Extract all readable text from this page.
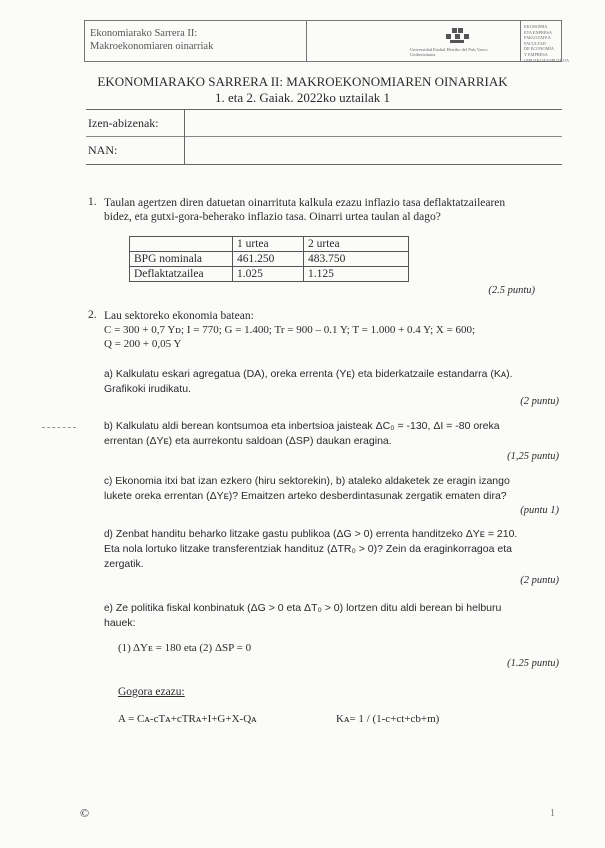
Ekonomiarako Sarrera II:
Makroekonomiaren oinarriak	Universidad Euskal Herriko del País Vasco Unibertsitatea
EKONOMIA
ETA ENPRESA
FAKULTATEA
FACULTAD
DE ECONOMÍA
Y EMPRESA
GIPUZKOA/GIPUZKOA
EKONOMIARAKO SARRERA II: MAKROEKONOMIAREN OINARRIAK
1. eta 2. Gaiak. 2022ko uztailak 1
Izen-abizenak:
NAN:
1. Taulan agertzen diren datuetan oinarrituta kalkula ezazu inflazio tasa deflaktatzailearen
bidez, eta gutxi-gora-beherako inflazio tasa. Oinarri urtea taulan al dago?
	1 urtea	2 urtea
BPG nominala	461.250	483.750
Deflaktatzailea	1.025	1.125
(2.5 puntu)
2. Lau sektoreko ekonomia batean:
C = 300 + 0,7 Yᴅ; I = 770; G = 1.400; Tr = 900 – 0.1 Y; T = 1.000 + 0.4 Y; X = 600;
Q = 200 + 0,05 Y
a) Kalkulatu eskari agregatua (DA), oreka errenta (Yᴇ) eta biderkatzaile estandarra (Kᴀ).
Grafikoki irudikatu.
(2 puntu)
b) Kalkulatu aldi berean kontsumoa eta inbertsioa jaisteak ΔC₀ = -130, ΔI = -80 oreka
errentan (ΔYᴇ) eta aurrekontu saldoan (ΔSP) daukan eragina.
(1,25 puntu)
c) Ekonomia itxi bat izan ezkero (hiru sektorekin), b) ataleko aldaketek ze eragin izango
lukete oreka errentan (ΔYᴇ)? Emaitzen arteko desberdintasunak zergatik ematen dira?
(puntu 1)
d) Zenbat handitu beharko litzake gastu publikoa (ΔG > 0) errenta handitzeko ΔYᴇ = 210.
Eta nola lortuko litzake transferentziak handituz (ΔTR₀ > 0)? Zein da eraginkorragoa eta
zergatik.
(2 puntu)
e) Ze politika fiskal konbinatuk (ΔG > 0 eta ΔT₀ > 0) lortzen ditu aldi berean bi helburu
hauek:
(1) ΔYᴇ = 180 eta (2) ΔSP = 0
(1.25 puntu)
Gogora ezazu:
A = Cᴀ-cTᴀ+cTRᴀ+I+G+X-Qᴀ	Kᴀ= 1 / (1-c+ct+cb+m)
©	1
